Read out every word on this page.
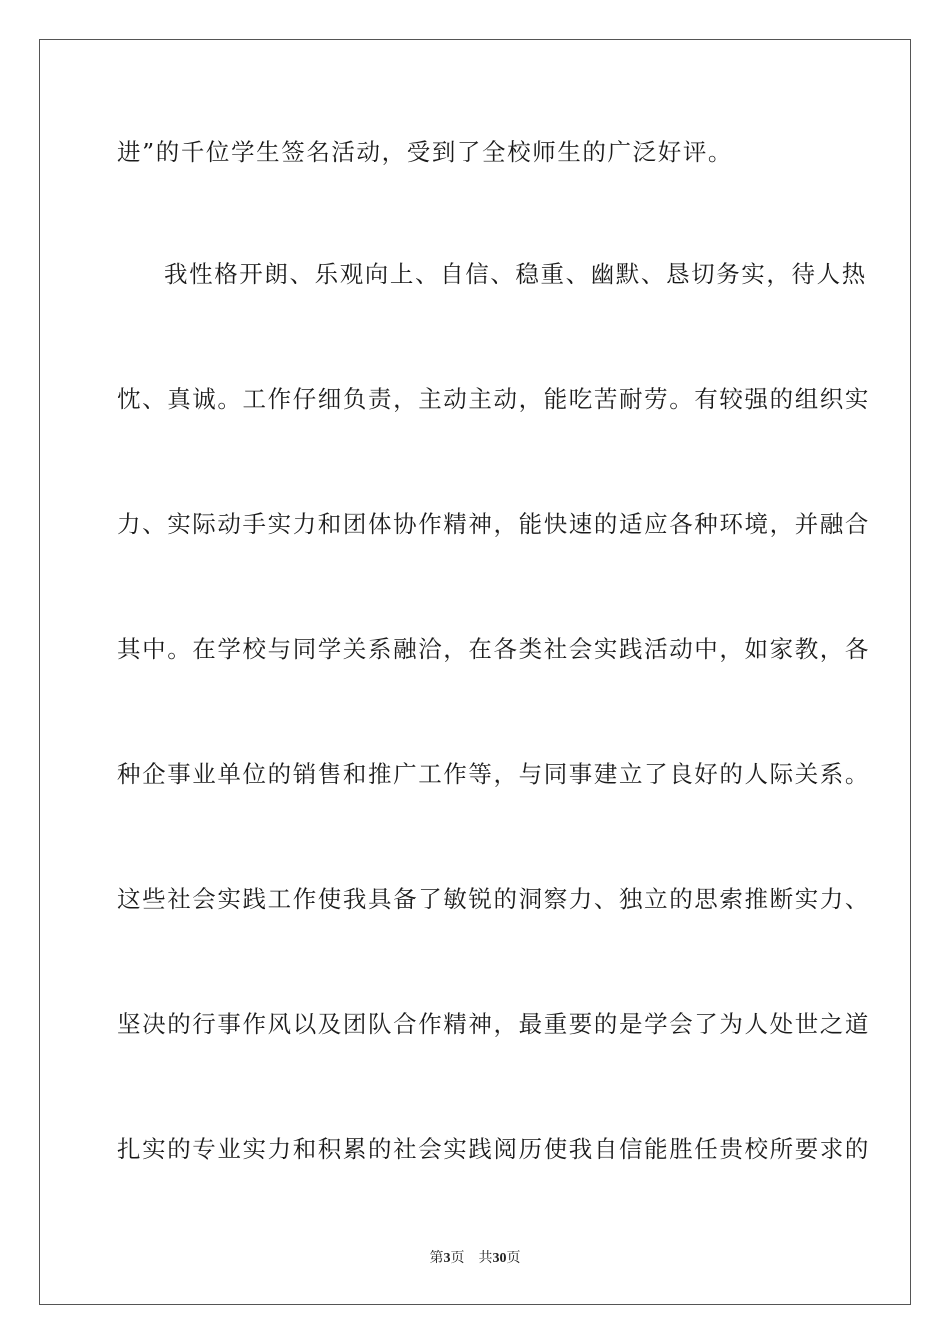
进”的千位学生签名活动，受到了全校师生的广泛好评。
我性格开朗、乐观向上、自信、稳重、幽默、恳切务实，待人热
忱、真诚。工作仔细负责，主动主动，能吃苦耐劳。有较强的组织实
力、实际动手实力和团体协作精神，能快速的适应各种环境，并融合
其中。在学校与同学关系融洽，在各类社会实践活动中，如家教，各
种企事业单位的销售和推广工作等，与同事建立了良好的人际关系。
这些社会实践工作使我具备了敏锐的洞察力、独立的思索推断实力、
坚决的行事作风以及团队合作精神，最重要的是学会了为人处世之道
扎实的专业实力和积累的社会实践阅历使我自信能胜任贵校所要求的
第3页 共30页
